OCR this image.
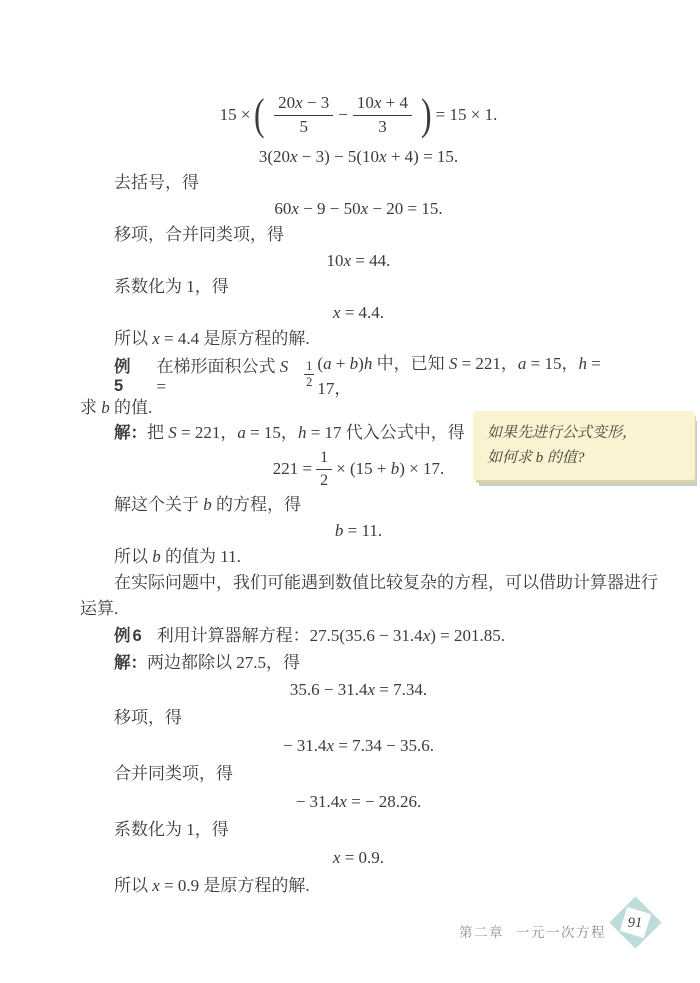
15 × ( $\frac{20x - 3}{5} - \frac{10x + 4}{3}$ ) = 15 × 1.
3(20x − 3) − 5(10x + 4) = 15.
去括号，得
60x − 9 − 50x − 20 = 15.
移项，合并同类项，得
10x = 44.
系数化为 1，得
x = 4.4.
所以 x = 4.4 是原方程的解.
例5
在梯形面积公式 S =	$\frac{1}{2} (a + b)h$ 中，已知 S = 221，a = 15，h = 17，
求 b 的值.
解：把 S = 221，a = 15，h = 17 代入公式中，得
$221 = \frac{1}{2} \times (15 + b) \times 17$.
解这个关于 b 的方程，得
b = 11.
所以 b 的值为 11.
在实际问题中，我们可能遇到数值比较复杂的方程，可以借助计算器进行
运算.
例6 利用计算器解方程：27.5(35.6 − 31.4x) = 201.85.
解：两边都除以 27.5，得
35.6 − 31.4x = 7.34.
移项，得
− 31.4x = 7.34 − 35.6.
合并同类项，得
− 31.4x = − 28.26.
系数化为 1，得
x = 0.9.
所以 x = 0.9 是原方程的解.
如果先进行公式变形，
如何求 b 的值?
第二章 一元一次方程
91
